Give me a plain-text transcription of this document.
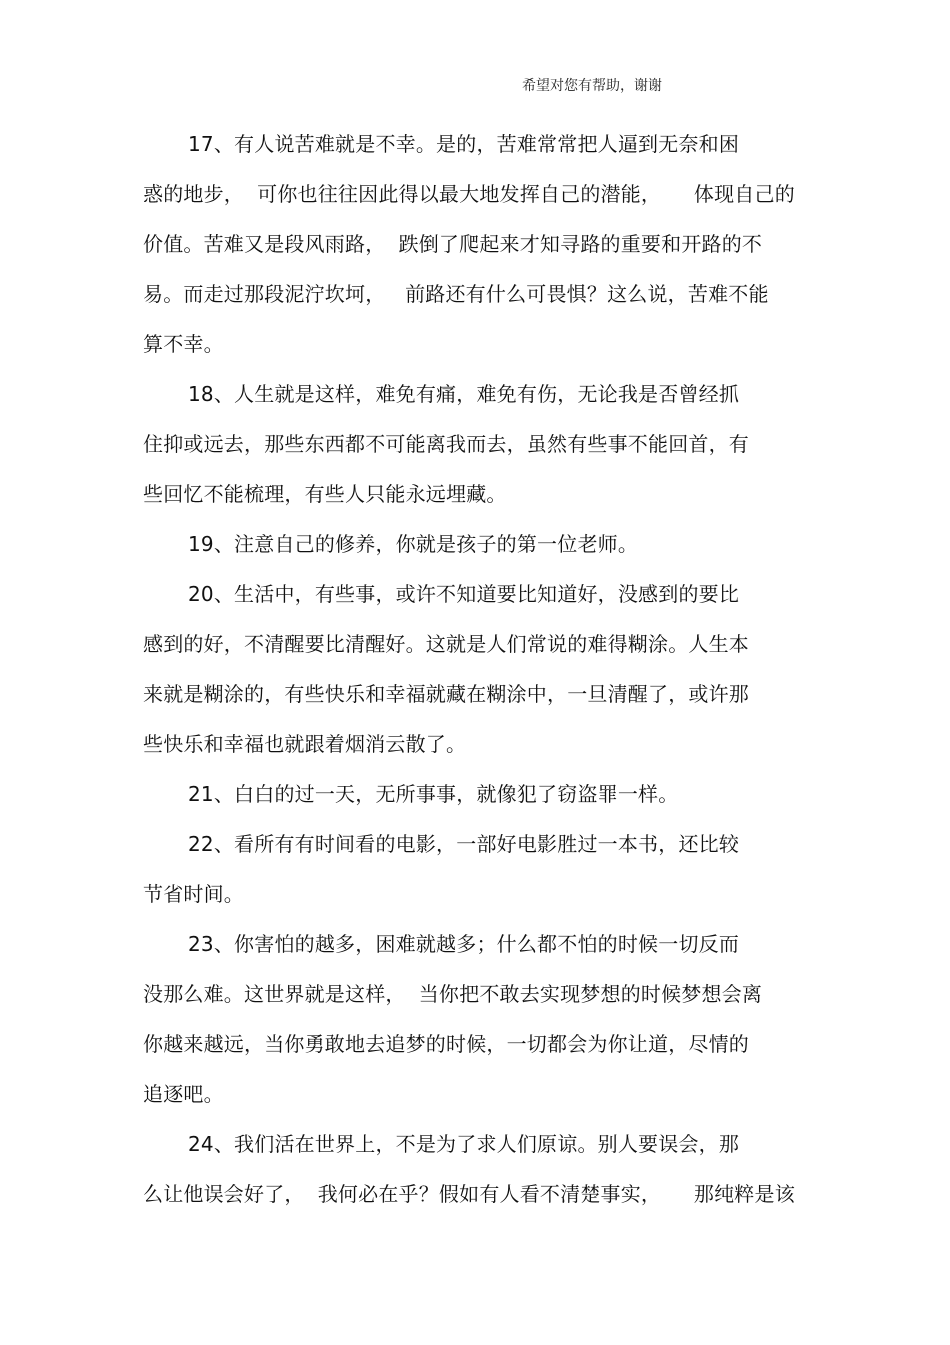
希望对您有帮助，谢谢
17、有人说苦难就是不幸。是的，苦难常常把人逼到无奈和困
惑的地步，  可你也往往因此得以最大地发挥自己的潜能，     体现自己的
价值。苦难又是段风雨路，  跌倒了爬起来才知寻路的重要和开路的不
易。而走过那段泥泞坎坷，   前路还有什么可畏惧？这么说，苦难不能
算不幸。
18、人生就是这样，难免有痛，难免有伤，无论我是否曾经抓
住抑或远去，那些东西都不可能离我而去，虽然有些事不能回首，有
些回忆不能梳理，有些人只能永远埋藏。
19、注意自己的修养，你就是孩子的第一位老师。
20、生活中，有些事，或许不知道要比知道好，没感到的要比
感到的好，不清醒要比清醒好。这就是人们常说的难得糊涂。人生本
来就是糊涂的，有些快乐和幸福就藏在糊涂中，一旦清醒了，或许那
些快乐和幸福也就跟着烟消云散了。
21、白白的过一天，无所事事，就像犯了窃盗罪一样。
22、看所有有时间看的电影，一部好电影胜过一本书，还比较
节省时间。
23、你害怕的越多，困难就越多；什么都不怕的时候一切反而
没那么难。这世界就是这样，  当你把不敢去实现梦想的时候梦想会离
你越来越远，当你勇敢地去追梦的时候，一切都会为你让道，尽情的
追逐吧。
24、我们活在世界上，不是为了求人们原谅。别人要误会，那
么让他误会好了，  我何必在乎？假如有人看不清楚事实，     那纯粹是该
